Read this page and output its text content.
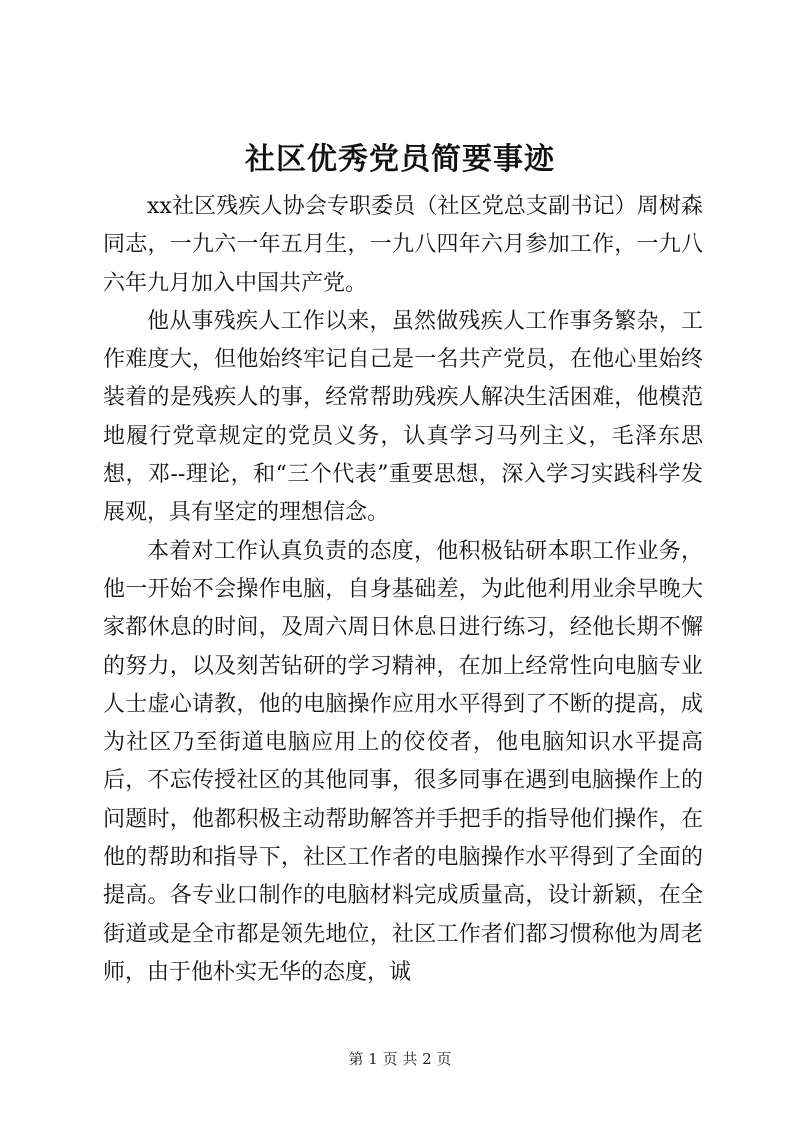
社区优秀党员简要事迹

xx社区残疾人协会专职委员（社区党总支副书记）周树森同志，一九六一年五月生，一九八四年六月参加工作，一九八六年九月加入中国共产党。

他从事残疾人工作以来，虽然做残疾人工作事务繁杂，工作难度大，但他始终牢记自己是一名共产党员，在他心里始终装着的是残疾人的事，经常帮助残疾人解决生活困难，他模范地履行党章规定的党员义务，认真学习马列主义，毛泽东思想，邓--理论，和“三个代表”重要思想，深入学习实践科学发展观，具有坚定的理想信念。

本着对工作认真负责的态度，他积极钻研本职工作业务，他一开始不会操作电脑，自身基础差，为此他利用业余早晚大家都休息的时间，及周六周日休息日进行练习，经他长期不懈的努力，以及刻苦钻研的学习精神，在加上经常性向电脑专业人士虚心请教，他的电脑操作应用水平得到了不断的提高，成为社区乃至街道电脑应用上的佼佼者，他电脑知识水平提高后，不忘传授社区的其他同事，很多同事在遇到电脑操作上的问题时，他都积极主动帮助解答并手把手的指导他们操作，在他的帮助和指导下，社区工作者的电脑操作水平得到了全面的提高。各专业口制作的电脑材料完成质量高，设计新颖，在全街道或是全市都是领先地位，社区工作者们都习惯称他为周老师，由于他朴实无华的态度，诚

第 1 页 共 2 页
